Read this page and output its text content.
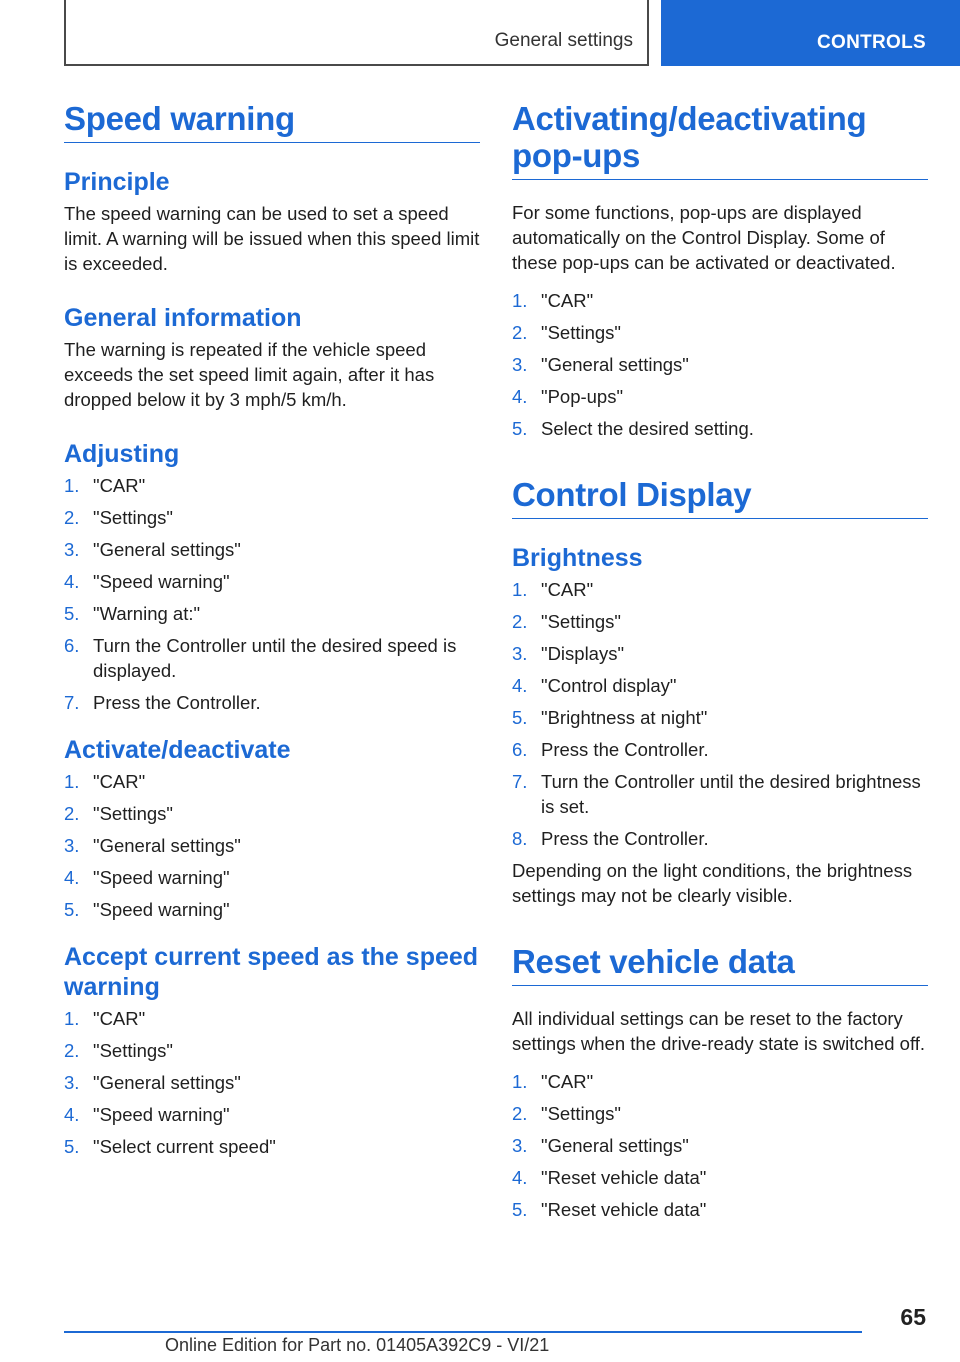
General settings	CONTROLS
Speed warning
Principle
The speed warning can be used to set a speed limit. A warning will be issued when this speed limit is exceeded.
General information
The warning is repeated if the vehicle speed exceeds the set speed limit again, after it has dropped below it by 3 mph/5 km/h.
Adjusting
1. "CAR"
2. "Settings"
3. "General settings"
4. "Speed warning"
5. "Warning at:"
6. Turn the Controller until the desired speed is displayed.
7. Press the Controller.
Activate/deactivate
1. "CAR"
2. "Settings"
3. "General settings"
4. "Speed warning"
5. "Speed warning"
Accept current speed as the speed warning
1. "CAR"
2. "Settings"
3. "General settings"
4. "Speed warning"
5. "Select current speed"
Activating/deactivating pop-ups
For some functions, pop-ups are displayed automatically on the Control Display. Some of these pop-ups can be activated or deactivated.
1. "CAR"
2. "Settings"
3. "General settings"
4. "Pop-ups"
5. Select the desired setting.
Control Display
Brightness
1. "CAR"
2. "Settings"
3. "Displays"
4. "Control display"
5. "Brightness at night"
6. Press the Controller.
7. Turn the Controller until the desired brightness is set.
8. Press the Controller.
Depending on the light conditions, the brightness settings may not be clearly visible.
Reset vehicle data
All individual settings can be reset to the factory settings when the drive-ready state is switched off.
1. "CAR"
2. "Settings"
3. "General settings"
4. "Reset vehicle data"
5. "Reset vehicle data"
65
Online Edition for Part no. 01405A392C9 - VI/21
